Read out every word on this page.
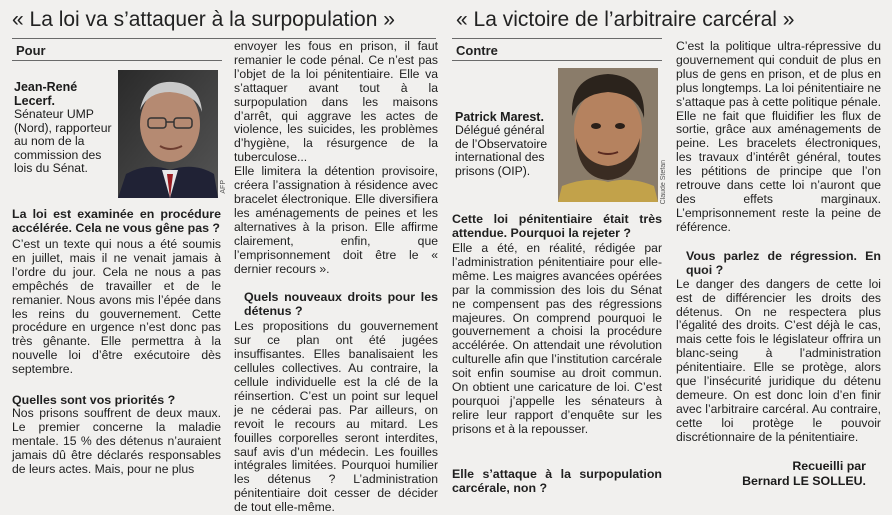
« La loi va s’attaquer à la surpopulation »
Pour
Jean-René Lecerf.
Sénateur UMP (Nord), rapporteur au nom de la commission des lois du Sénat.
AFP

La loi est examinée en procédure accélérée. Cela ne vous gêne pas ?

C’est un texte qui nous a été soumis en juillet, mais il ne venait jamais à l’ordre du jour. Cela ne nous a pas empêchés de travailler et de le remanier. Nous avons mis l’épée dans les reins du gouvernement. Cette procédure en urgence n’est donc pas très gênante. Elle permettra à la nouvelle loi d’être exécutoire dès septembre.

Quelles sont vos priorités ?

Nos prisons souffrent de deux maux. Le premier concerne la maladie mentale. 15 % des détenus n’auraient jamais dû être déclarés responsables de leurs actes. Mais, pour ne plus

envoyer les fous en prison, il faut remanier le code pénal. Ce n’est pas l’objet de la loi pénitentiaire. Elle va s’attaquer avant tout à la surpopulation dans les maisons d’arrêt, qui aggrave les actes de violence, les suicides, les problèmes d’hygiène, la résurgence de la tuberculose...

Elle limitera la détention provisoire, créera l’assignation à résidence avec bracelet électronique. Elle diversifiera les aménagements de peines et les alternatives à la prison. Elle affirme clairement, enfin, que l’emprisonnement doit être le « dernier recours ».

Quels nouveaux droits pour les détenus ?

Les propositions du gouvernement sur ce plan ont été jugées insuffisantes. Elles banalisaient les cellules collectives. Au contraire, la cellule individuelle est la clé de la réinsertion. C’est un point sur lequel je ne céderai pas. Par ailleurs, on revoit le recours au mitard. Les fouilles corporelles seront interdites, sauf avis d’un médecin. Les fouilles intégrales limitées. Pourquoi humilier les détenus ? L’administration pénitentiaire doit cesser de décider de tout elle-même.

« La victoire de l’arbitraire carcéral »
Contre
Patrick Marest.
Délégué général de l’Observatoire international des prisons (OIP).	Claude Stefan

Cette loi pénitentiaire était très attendue. Pourquoi la rejeter ?

Elle a été, en réalité, rédigée par l’administration pénitentiaire pour elle-même. Les maigres avancées opérées par la commission des lois du Sénat ne compensent pas des régressions majeures. On comprend pourquoi le gouvernement a choisi la procédure accélérée. On attendait une révolution culturelle afin que l’institution carcérale soit enfin soumise au droit commun. On obtient une caricature de loi. C’est pourquoi j’appelle les sénateurs à relire leur rapport d’enquête sur les prisons et à la repousser.

Elle s’attaque à la surpopulation carcérale, non ?

C’est la politique ultra-répressive du gouvernement qui conduit de plus en plus de gens en prison, et de plus en plus longtemps. La loi pénitentiaire ne s’attaque pas à cette politique pénale. Elle ne fait que fluidifier les flux de sortie, grâce aux aménagements de peine. Les bracelets électroniques, les travaux d’intérêt général, toutes les pétitions de principe que l’on retrouve dans cette loi n’auront que des effets marginaux. L’emprisonnement reste la peine de référence.

Vous parlez de régression. En quoi ?

Le danger des dangers de cette loi est de différencier les droits des détenus. On ne respectera plus l’égalité des droits. C’est déjà le cas, mais cette fois le législateur offrira un blanc-seing à l’administration pénitentiaire. Elle se protège, alors que l’insécurité juridique du détenu demeure. On est donc loin d’en finir avec l’arbitraire carcéral. Au contraire, cette loi protège le pouvoir discrétionnaire de la pénitentiaire.

Recueilli par
Bernard LE SOLLEU.
